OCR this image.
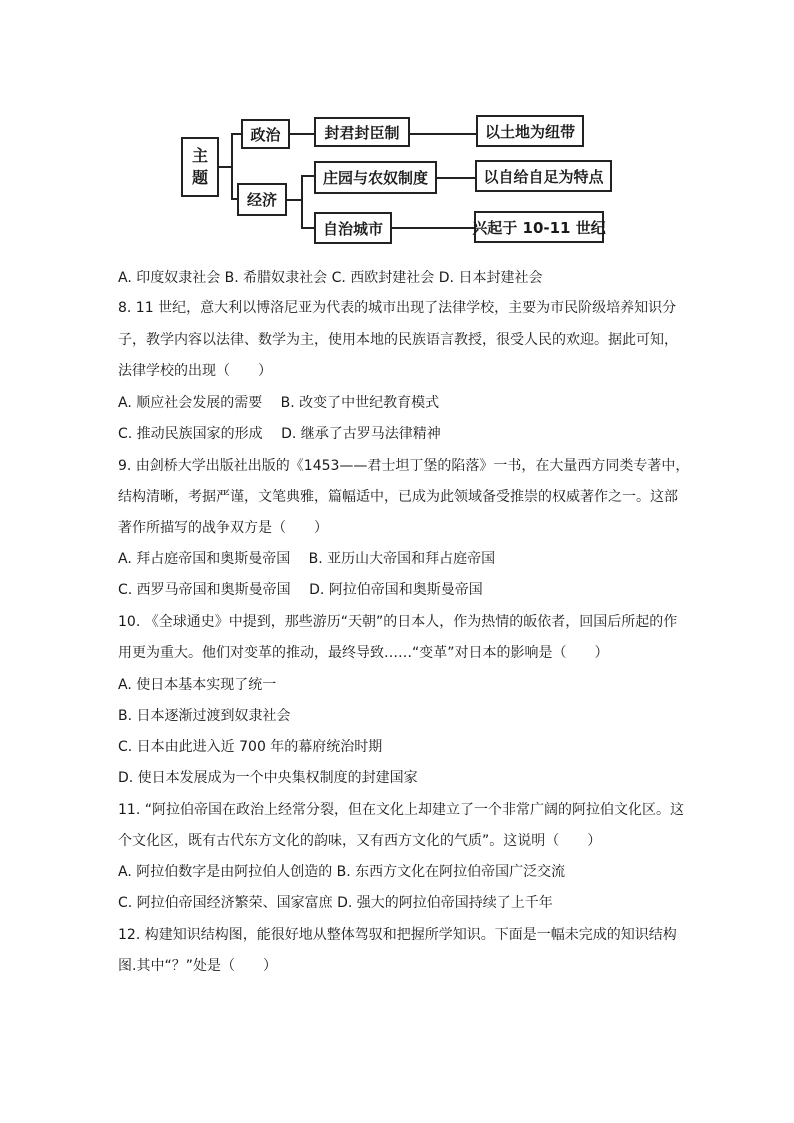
主
题
政治	封君封臣制	以土地为纽带
经济
庄园与农奴制度	以自给自足为特点
自治城市	兴起于 10-11 世纪
A. 印度奴隶社会 B. 希腊奴隶社会 C. 西欧封建社会 D. 日本封建社会
8. 11 世纪，意大利以博洛尼亚为代表的城市出现了法律学校，主要为市民阶级培养知识分
子，教学内容以法律、数学为主，使用本地的民族语言教授，很受人民的欢迎。据此可知，
法律学校的出现（　　）
A. 顺应社会发展的需要　 B. 改变了中世纪教育模式
C. 推动民族国家的形成　 D. 继承了古罗马法律精神
9. 由剑桥大学出版社出版的《1453——君士坦丁堡的陷落》一书，在大量西方同类专著中，
结构清晰，考据严谨，文笔典雅，篇幅适中，已成为此领域备受推崇的权威著作之一。这部
著作所描写的战争双方是（　　）
A. 拜占庭帝国和奥斯曼帝国　 B. 亚历山大帝国和拜占庭帝国
C. 西罗马帝国和奥斯曼帝国　 D. 阿拉伯帝国和奥斯曼帝国
10. 《全球通史》中提到，那些游历“天朝”的日本人，作为热情的皈依者，回国后所起的作
用更为重大。他们对变革的推动，最终导致……“变革”对日本的影响是（　　）
A. 使日本基本实现了统一
B. 日本逐渐过渡到奴隶社会
C. 日本由此进入近 700 年的幕府统治时期
D. 使日本发展成为一个中央集权制度的封建国家
11. “阿拉伯帝国在政治上经常分裂，但在文化上却建立了一个非常广阔的阿拉伯文化区。这
个文化区，既有古代东方文化的韵味，又有西方文化的气质”。这说明（　　）
A. 阿拉伯数字是由阿拉伯人创造的 B. 东西方文化在阿拉伯帝国广泛交流
C. 阿拉伯帝国经济繁荣、国家富庶 D. 强大的阿拉伯帝国持续了上千年
12. 构建知识结构图，能很好地从整体驾驭和把握所学知识。下面是一幅未完成的知识结构
图.其中“？”处是（　　）
